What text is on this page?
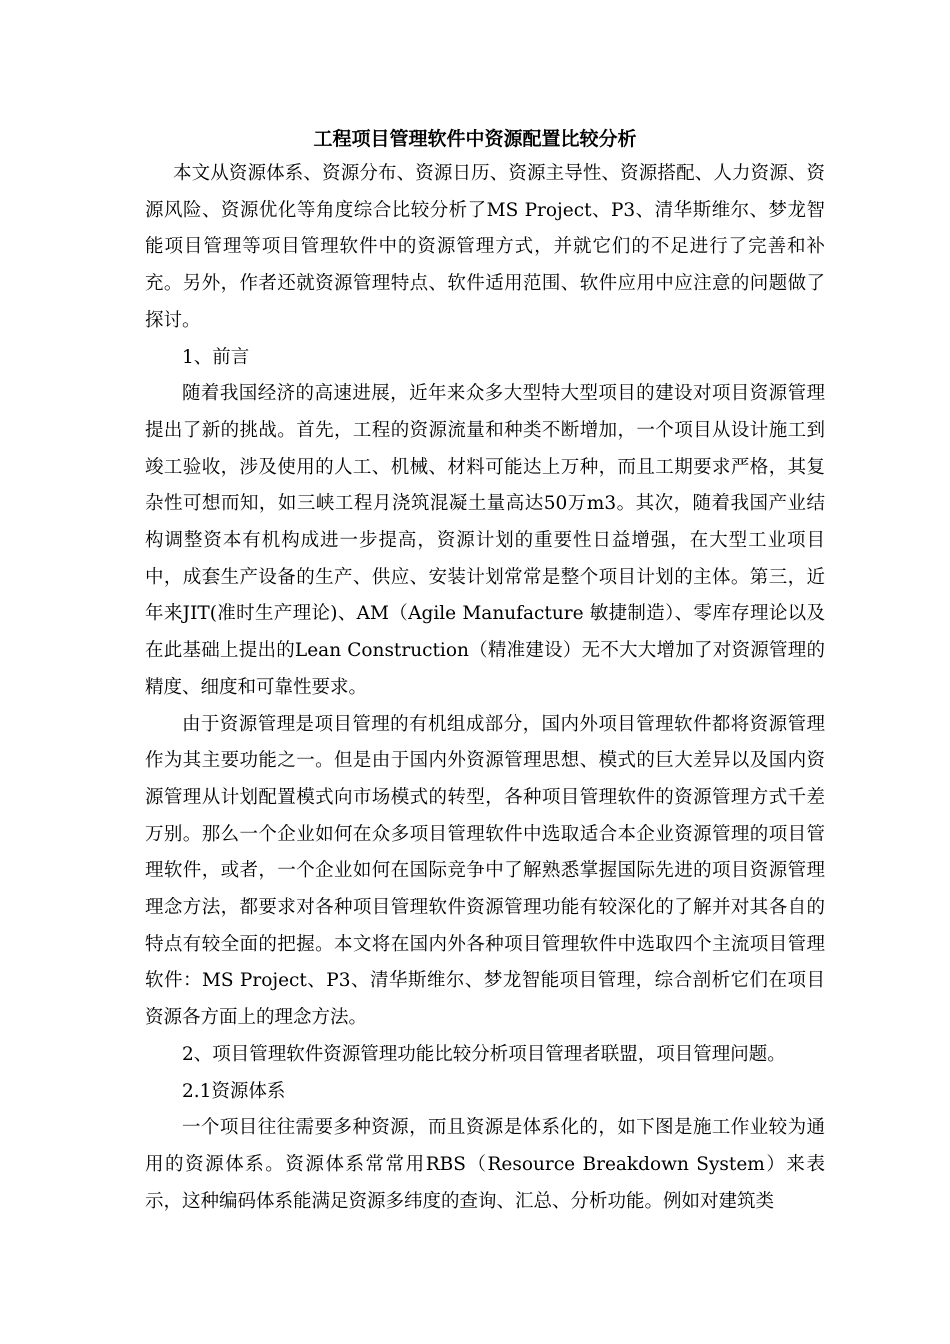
工程项目管理软件中资源配置比较分析

本文从资源体系、资源分布、资源日历、资源主导性、资源搭配、人力资源、资源风险、资源优化等角度综合比较分析了MS Project、P3、清华斯维尔、梦龙智能项目管理等项目管理软件中的资源管理方式，并就它们的不足进行了完善和补充。另外，作者还就资源管理特点、软件适用范围、软件应用中应注意的问题做了探讨。

1、前言

随着我国经济的高速进展，近年来众多大型特大型项目的建设对项目资源管理提出了新的挑战。首先，工程的资源流量和种类不断增加，一个项目从设计施工到竣工验收，涉及使用的人工、机械、材料可能达上万种，而且工期要求严格，其复杂性可想而知，如三峡工程月浇筑混凝土量高达50万m3。其次，随着我国产业结构调整资本有机构成进一步提高，资源计划的重要性日益增强，在大型工业项目中，成套生产设备的生产、供应、安装计划常常是整个项目计划的主体。第三，近年来JIT(准时生产理论)、AM（Agile Manufacture 敏捷制造）、零库存理论以及在此基础上提出的Lean Construction（精准建设）无不大大增加了对资源管理的精度、细度和可靠性要求。

由于资源管理是项目管理的有机组成部分，国内外项目管理软件都将资源管理作为其主要功能之一。但是由于国内外资源管理思想、模式的巨大差异以及国内资源管理从计划配置模式向市场模式的转型，各种项目管理软件的资源管理方式千差万别。那么一个企业如何在众多项目管理软件中选取适合本企业资源管理的项目管理软件，或者，一个企业如何在国际竞争中了解熟悉掌握国际先进的项目资源管理理念方法，都要求对各种项目管理软件资源管理功能有较深化的了解并对其各自的特点有较全面的把握。本文将在国内外各种项目管理软件中选取四个主流项目管理软件：MS Project、P3、清华斯维尔、梦龙智能项目管理，综合剖析它们在项目资源各方面上的理念方法。

2、项目管理软件资源管理功能比较分析项目管理者联盟，项目管理问题。

2.1资源体系

一个项目往往需要多种资源，而且资源是体系化的，如下图是施工作业较为通用的资源体系。资源体系常常用RBS（Resource Breakdown System）来表示，这种编码体系能满足资源多纬度的查询、汇总、分析功能。例如对建筑类
